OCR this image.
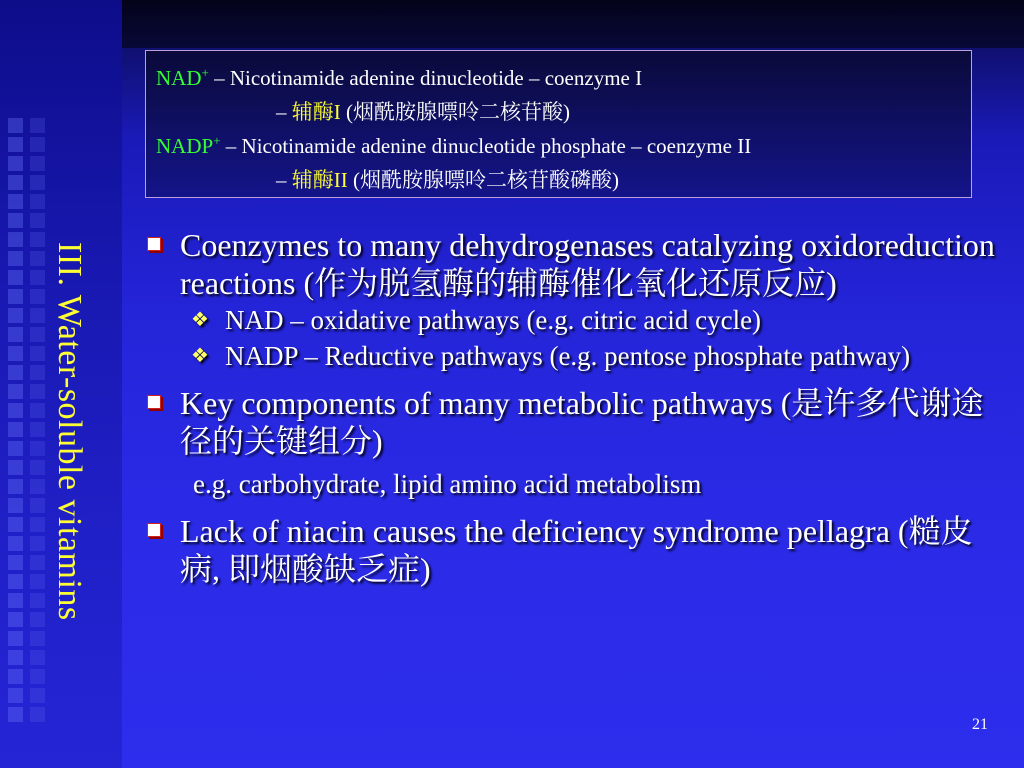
III. Water-soluble vitamins
NAD+ – Nicotinamide adenine dinucleotide – coenzyme I
– 辅酶I (烟酰胺腺嘌呤二核苷酸)
NADP+ – Nicotinamide adenine dinucleotide phosphate – coenzyme II
– 辅酶II (烟酰胺腺嘌呤二核苷酸磷酸)
Coenzymes to many dehydrogenases catalyzing oxidoreduction reactions (作为脱氢酶的辅酶催化氧化还原反应)
❖ NAD – oxidative pathways (e.g. citric acid cycle)
❖ NADP – Reductive pathways (e.g. pentose phosphate pathway)
Key components of many metabolic pathways (是许多代谢途径的关键组分)
e.g. carbohydrate, lipid amino acid metabolism
Lack of niacin causes the deficiency syndrome pellagra (糙皮病, 即烟酸缺乏症)
21
